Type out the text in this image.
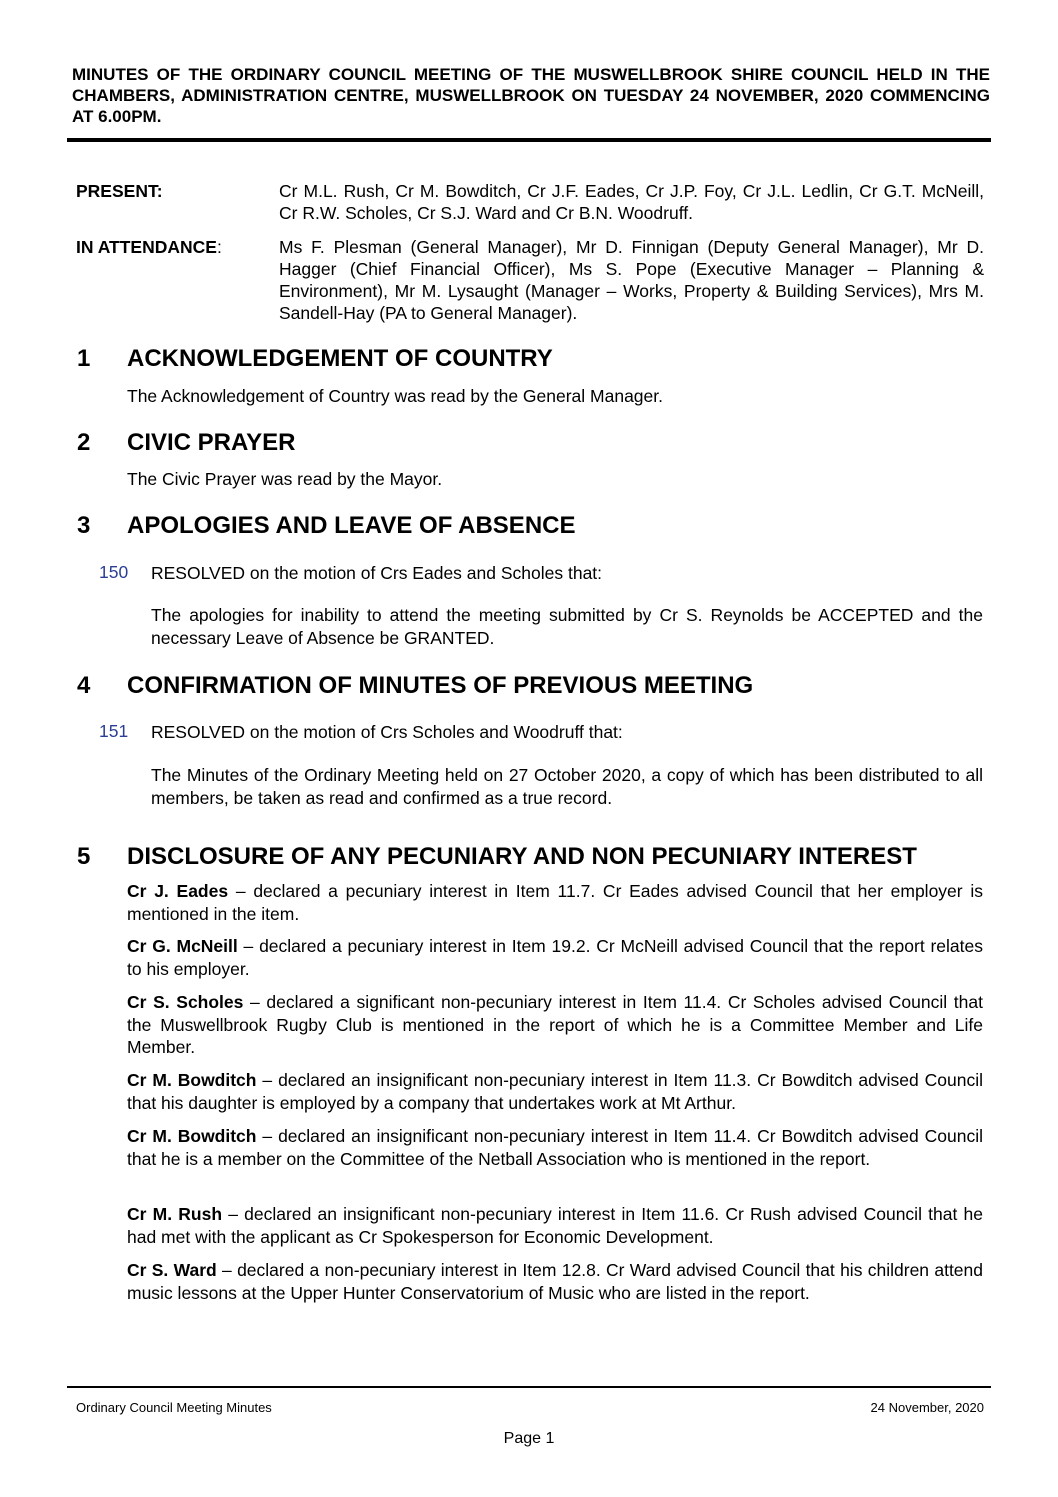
MINUTES OF THE ORDINARY COUNCIL MEETING OF THE MUSWELLBROOK SHIRE COUNCIL HELD IN THE CHAMBERS, ADMINISTRATION CENTRE, MUSWELLBROOK ON TUESDAY 24 NOVEMBER, 2020 COMMENCING AT 6.00PM.
PRESENT:	Cr M.L. Rush, Cr M. Bowditch, Cr J.F. Eades, Cr J.P. Foy, Cr J.L. Ledlin, Cr G.T. McNeill, Cr R.W. Scholes, Cr S.J. Ward and Cr B.N. Woodruff.
IN ATTENDANCE:	Ms F. Plesman (General Manager), Mr D. Finnigan (Deputy General Manager), Mr D. Hagger (Chief Financial Officer), Ms S. Pope (Executive Manager – Planning & Environment), Mr M. Lysaught (Manager – Works, Property & Building Services), Mrs M. Sandell-Hay (PA to General Manager).
1 ACKNOWLEDGEMENT OF COUNTRY
The Acknowledgement of Country was read by the General Manager.
2 CIVIC PRAYER
The Civic Prayer was read by the Mayor.
3 APOLOGIES AND LEAVE OF ABSENCE
150 RESOLVED on the motion of Crs Eades and Scholes that:
The apologies for inability to attend the meeting submitted by Cr S. Reynolds be ACCEPTED and the necessary Leave of Absence be GRANTED.
4 CONFIRMATION OF MINUTES OF PREVIOUS MEETING
151 RESOLVED on the motion of Crs Scholes and Woodruff that:
The Minutes of the Ordinary Meeting held on 27 October 2020, a copy of which has been distributed to all members, be taken as read and confirmed as a true record.
5 DISCLOSURE OF ANY PECUNIARY AND NON PECUNIARY INTEREST
Cr J. Eades – declared a pecuniary interest in Item 11.7. Cr Eades advised Council that her employer is mentioned in the item.
Cr G. McNeill – declared a pecuniary interest in Item 19.2. Cr McNeill advised Council that the report relates to his employer.
Cr S. Scholes – declared a significant non-pecuniary interest in Item 11.4. Cr Scholes advised Council that the Muswellbrook Rugby Club is mentioned in the report of which he is a Committee Member and Life Member.
Cr M. Bowditch – declared an insignificant non-pecuniary interest in Item 11.3. Cr Bowditch advised Council that his daughter is employed by a company that undertakes work at Mt Arthur.
Cr M. Bowditch – declared an insignificant non-pecuniary interest in Item 11.4. Cr Bowditch advised Council that he is a member on the Committee of the Netball Association who is mentioned in the report.
Cr M. Rush – declared an insignificant non-pecuniary interest in Item 11.6. Cr Rush advised Council that he had met with the applicant as Cr Spokesperson for Economic Development.
Cr S. Ward – declared a non-pecuniary interest in Item 12.8. Cr Ward advised Council that his children attend music lessons at the Upper Hunter Conservatorium of Music who are listed in the report.
Ordinary Council Meeting Minutes	24 November, 2020
Page 1
